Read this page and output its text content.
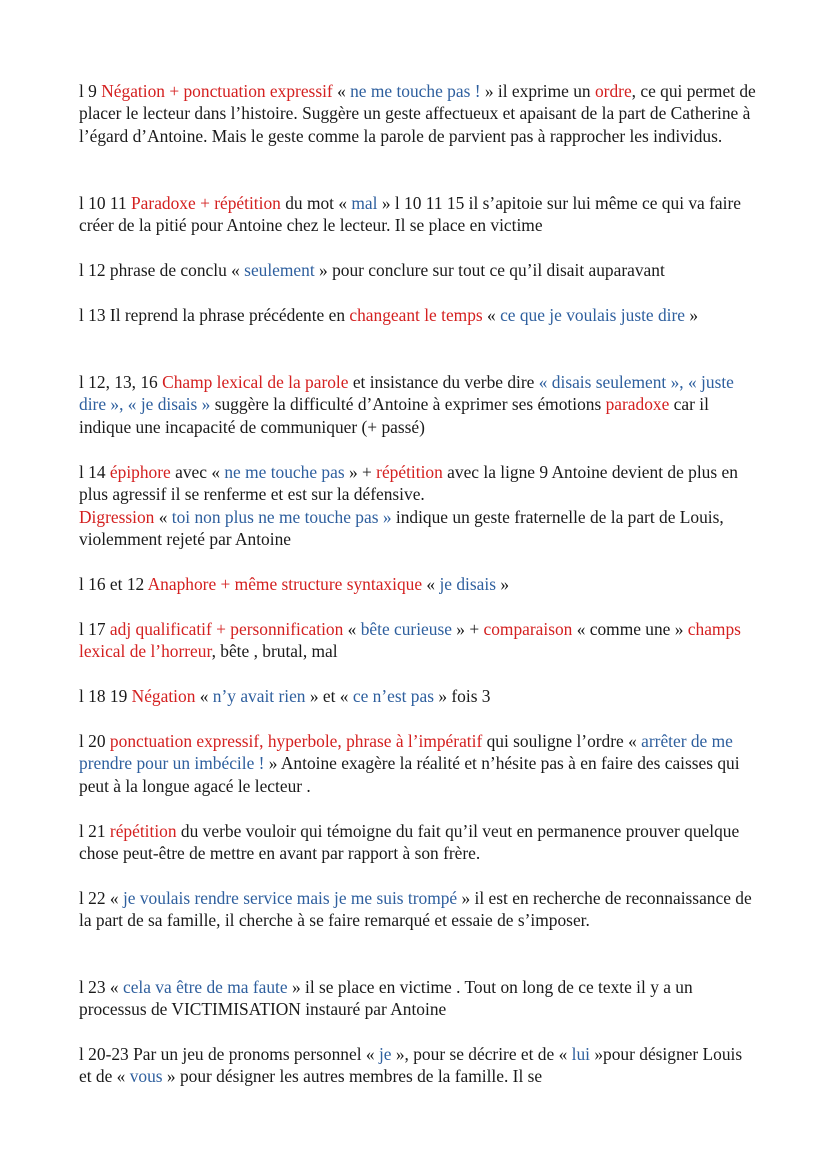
l 9 Négation + ponctuation expressif « ne me touche pas ! » il exprime un ordre, ce qui permet de placer le lecteur dans l’histoire. Suggère un geste affectueux et apaisant de la part de Catherine à l’égard d’Antoine. Mais le geste comme la parole de parvient pas à rapprocher les individus.

l 10 11 Paradoxe + répétition du mot « mal » l 10 11 15 il s’apitoie sur lui même ce qui va faire créer de la pitié pour Antoine chez le lecteur. Il se place en victime

l 12 phrase de conclu « seulement » pour conclure sur tout ce qu’il disait auparavant

l 13 Il reprend la phrase précédente en changeant le temps « ce que je voulais juste dire »

l 12, 13, 16 Champ lexical de la parole et insistance du verbe dire « disais seulement », « juste dire », « je disais » suggère la difficulté d’Antoine à exprimer ses émotions paradoxe car il indique une incapacité de communiquer (+ passé)

l 14 épiphore avec « ne me touche pas » + répétition avec la ligne 9 Antoine devient de plus en plus agressif il se renferme et est sur la défensive.
Digression « toi non plus ne me touche pas » indique un geste fraternelle de la part de Louis, violemment rejeté par Antoine

l 16 et 12 Anaphore + même structure syntaxique « je disais »

l 17 adj qualificatif + personnification « bête curieuse » + comparaison « comme une » champs lexical de l’horreur, bête , brutal, mal

l 18 19 Négation « n’y avait rien » et « ce n’est pas » fois 3

l 20 ponctuation expressif, hyperbole, phrase à l’impératif qui souligne l’ordre « arrêter de me prendre pour un imbécile ! » Antoine exagère la réalité et n’hésite pas à en faire des caisses qui peut à la longue agacé le lecteur .

l 21 répétition du verbe vouloir qui témoigne du fait qu’il veut en permanence prouver quelque chose peut-être de mettre en avant par rapport à son frère.

l 22 « je voulais rendre service mais je me suis trompé » il est en recherche de reconnaissance de la part de sa famille, il cherche à se faire remarqué et essaie de s’imposer.

l 23 « cela va être de ma faute » il se place en victime . Tout on long de ce texte il y a un processus de VICTIMISATION instauré par Antoine

l 20-23 Par un jeu de pronoms personnel « je », pour se décrire et de « lui »pour désigner Louis et de « vous » pour désigner les autres membres de la famille. Il se
